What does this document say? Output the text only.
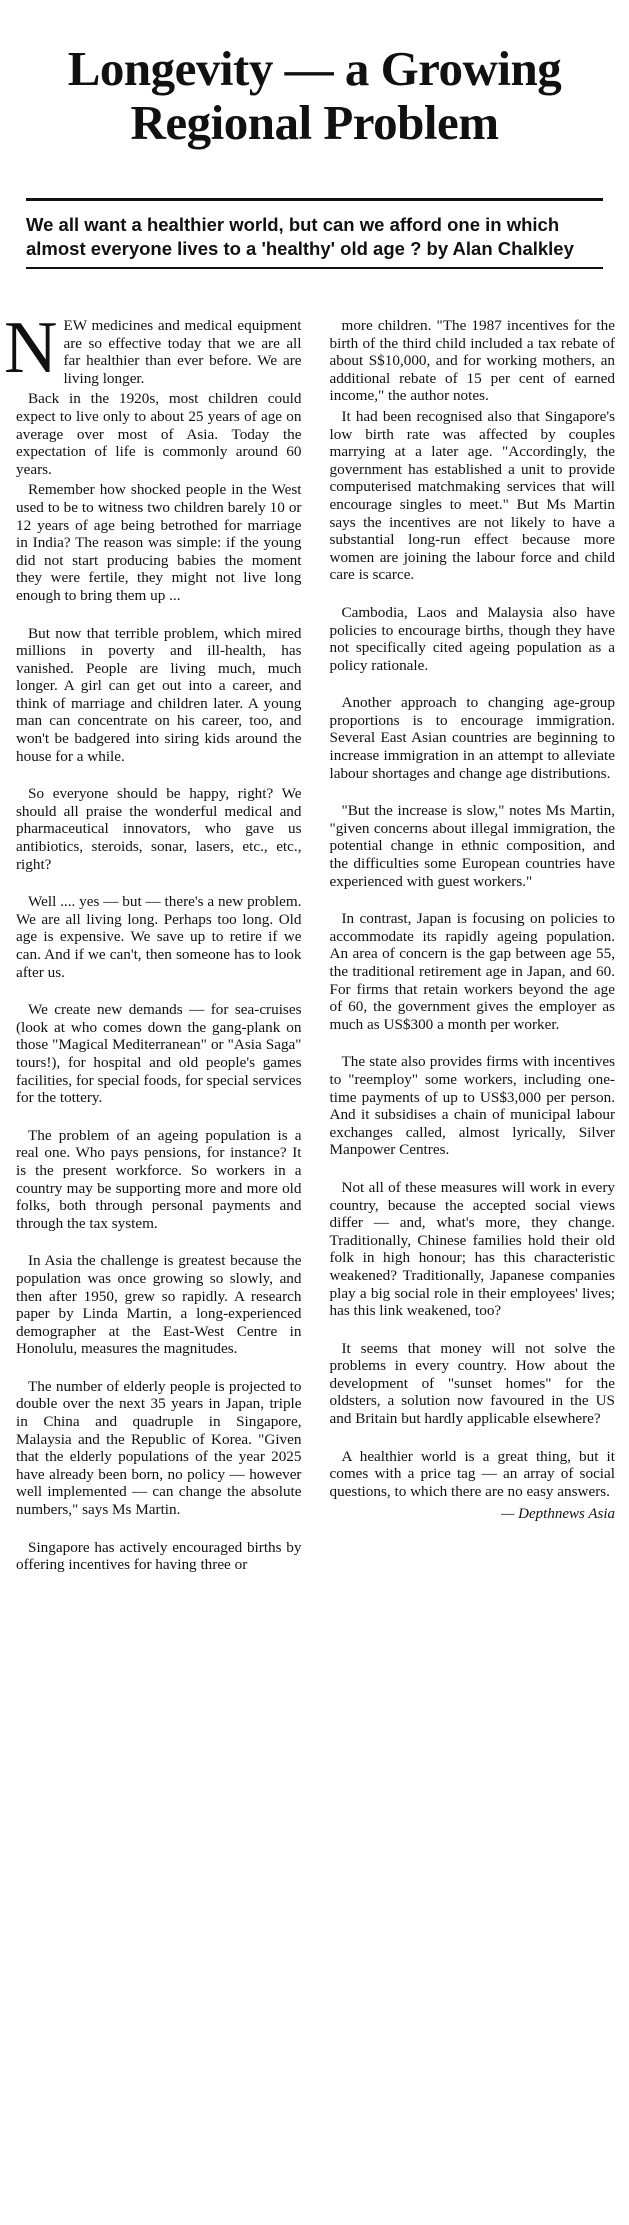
Longevity — a Growing
Regional Problem
We all want a healthier world, but can we afford one in which almost everyone lives to a 'healthy' old age ? by Alan Chalkley

NEW medicines and medical equipment are so effective today that we are all far healthier than ever before. We are living longer.

Back in the 1920s, most children could expect to live only to about 25 years of age on average over most of Asia. Today the expectation of life is commonly around 60 years.

Remember how shocked people in the West used to be to witness two children barely 10 or 12 years of age being betrothed for marriage in India? The reason was simple: if the young did not start producing babies the moment they were fertile, they might not live long enough to bring them up ...

But now that terrible problem, which mired millions in poverty and ill-health, has vanished. People are living much, much longer. A girl can get out into a career, and think of marriage and children later. A young man can concentrate on his career, too, and won't be badgered into siring kids around the house for a while.

So everyone should be happy, right? We should all praise the wonderful medical and pharmaceutical innovators, who gave us antibiotics, steroids, sonar, lasers, etc., etc., right?

Well .... yes — but — there's a new problem. We are all living long. Perhaps too long. Old age is expensive. We save up to retire if we can. And if we can't, then someone has to look after us.

We create new demands — for sea-cruises (look at who comes down the gang-plank on those "Magical Mediterranean" or "Asia Saga" tours!), for hospital and old people's games facilities, for special foods, for special services for the tottery.

The problem of an ageing population is a real one. Who pays pensions, for instance? It is the present workforce. So workers in a country may be supporting more and more old folks, both through personal payments and through the tax system.

In Asia the challenge is greatest because the population was once growing so slowly, and then after 1950, grew so rapidly. A research paper by Linda Martin, a long-experienced demographer at the East-West Centre in Honolulu, measures the magnitudes.

The number of elderly people is projected to double over the next 35 years in Japan, triple in China and quadruple in Singapore, Malaysia and the Republic of Korea. "Given that the elderly populations of the year 2025 have already been born, no policy — however well implemented — can change the absolute numbers," says Ms Martin.

Singapore has actively encouraged births by offering incentives for having three or

more children. "The 1987 incentives for the birth of the third child included a tax rebate of about S$10,000, and for working mothers, an additional rebate of 15 per cent of earned income," the author notes.

It had been recognised also that Singapore's low birth rate was affected by couples marrying at a later age. "Accordingly, the government has established a unit to provide computerised matchmaking services that will encourage singles to meet." But Ms Martin says the incentives are not likely to have a substantial long-run effect because more women are joining the labour force and child care is scarce.

Cambodia, Laos and Malaysia also have policies to encourage births, though they have not specifically cited ageing population as a policy rationale.

Another approach to changing age-group proportions is to encourage immigration. Several East Asian countries are beginning to increase immigration in an attempt to alleviate labour shortages and change age distributions.

"But the increase is slow," notes Ms Martin, "given concerns about illegal immigration, the potential change in ethnic composition, and the difficulties some European countries have experienced with guest workers."

In contrast, Japan is focusing on policies to accommodate its rapidly ageing population. An area of concern is the gap between age 55, the traditional retirement age in Japan, and 60. For firms that retain workers beyond the age of 60, the government gives the employer as much as US$300 a month per worker.

The state also provides firms with incentives to "reemploy" some workers, including one-time payments of up to US$3,000 per person. And it subsidises a chain of municipal labour exchanges called, almost lyrically, Silver Manpower Centres.

Not all of these measures will work in every country, because the accepted social views differ — and, what's more, they change. Traditionally, Chinese families hold their old folk in high honour; has this characteristic weakened? Traditionally, Japanese companies play a big social role in their employees' lives; has this link weakened, too?

It seems that money will not solve the problems in every country. How about the development of "sunset homes" for the oldsters, a solution now favoured in the US and Britain but hardly applicable elsewhere?

A healthier world is a great thing, but it comes with a price tag — an array of social questions, to which there are no easy answers.

— Depthnews Asia
